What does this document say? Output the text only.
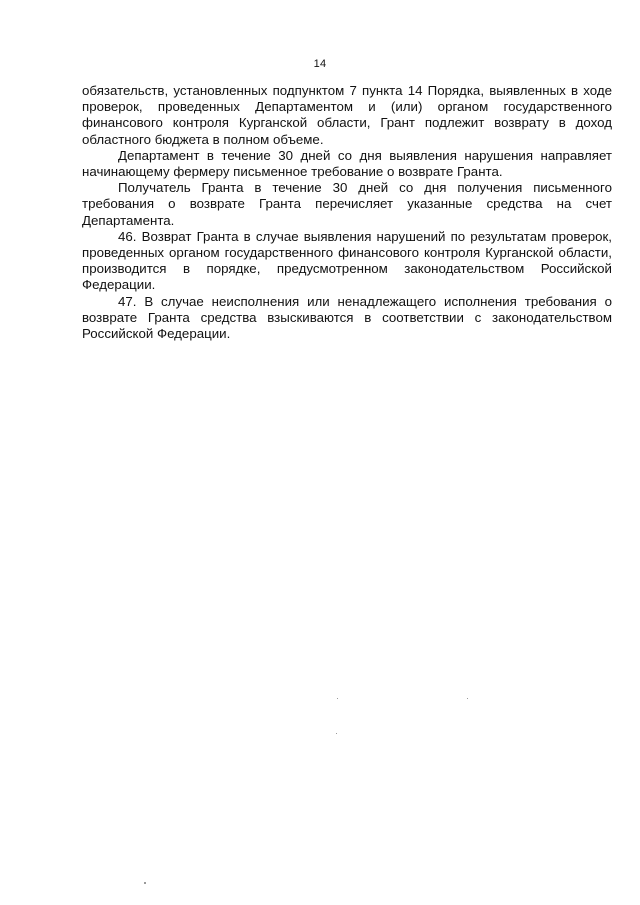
14

обязательств, установленных подпунктом 7 пункта 14 Порядка, выявленных в ходе проверок, проведенных Департаментом и (или) органом государственного финансового контроля Курганской области, Грант подлежит возврату в доход областного бюджета в полном объеме.

Департамент в течение 30 дней со дня выявления нарушения направляет начинающему фермеру письменное требование о возврате Гранта.

Получатель Гранта в течение 30 дней со дня получения письменного требования о возврате Гранта перечисляет указанные средства на счет Департамента.

46. Возврат Гранта в случае выявления нарушений по результатам проверок, проведенных органом государственного финансового контроля Курганской области, производится в порядке, предусмотренном законодательством Российской Федерации.

47. В случае неисполнения или ненадлежащего исполнения требования о возврате Гранта средства взыскиваются в соответствии с законодательством Российской Федерации.
